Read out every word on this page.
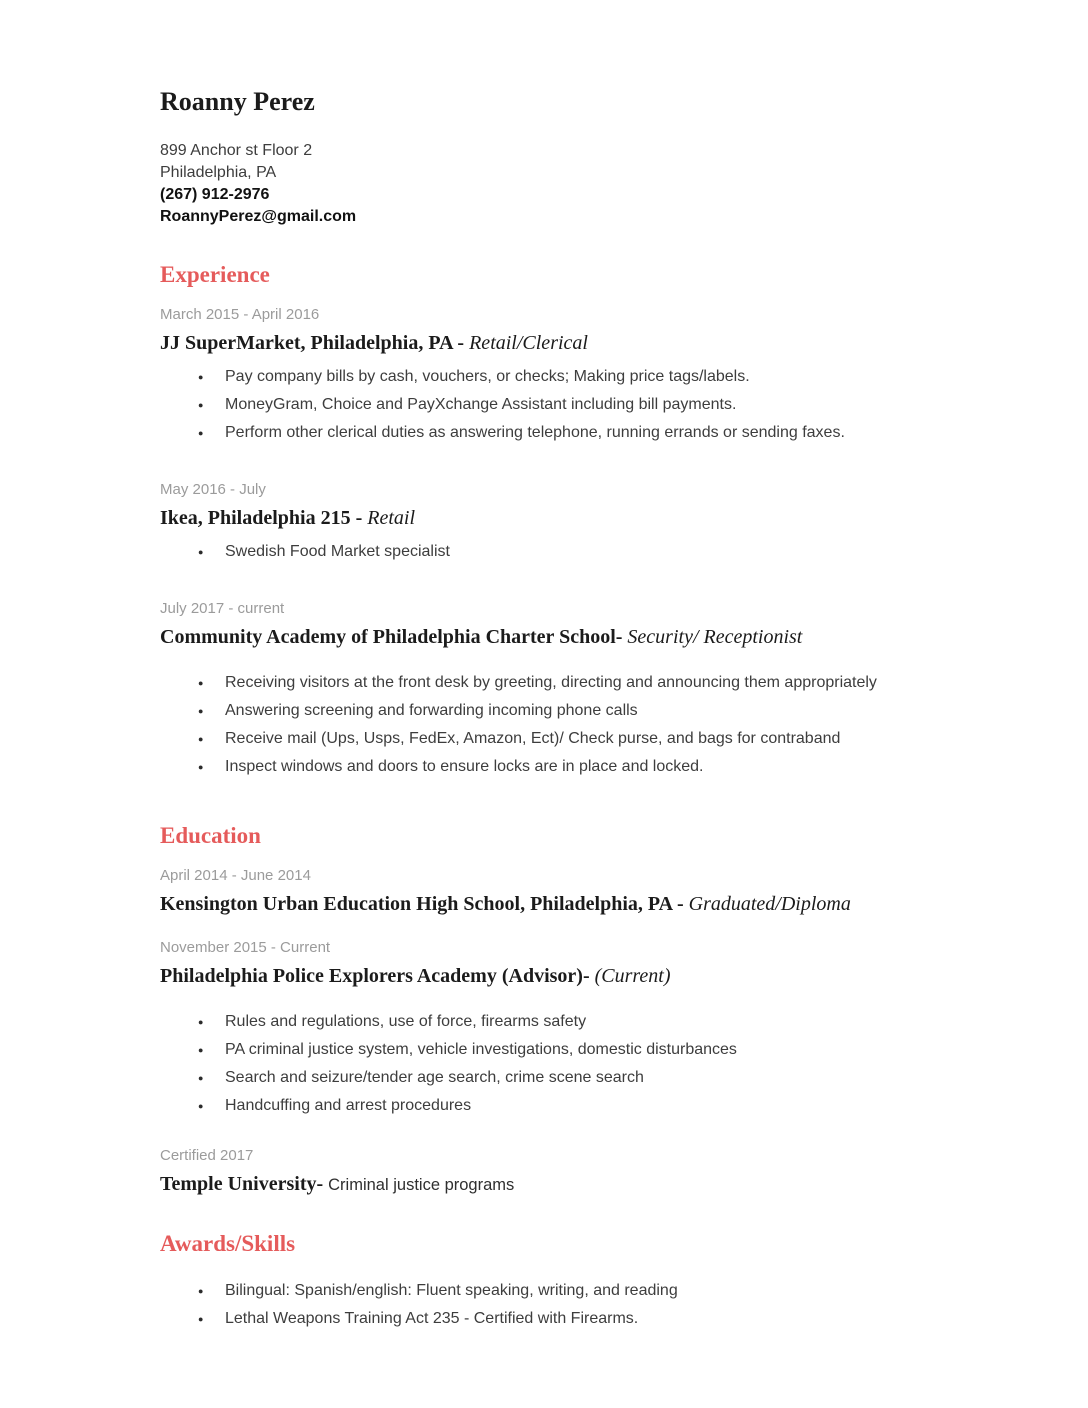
Roanny Perez

899 Anchor st Floor 2

Philadelphia, PA

(267) 912-2976

RoannyPerez@gmail.com

Experience

March 2015 - April 2016

JJ SuperMarket, Philadelphia, PA - Retail/Clerical
●	Pay company bills by cash, vouchers, or checks; Making price tags/labels.
●	MoneyGram, Choice and PayXchange Assistant including bill payments.
●	Perform other clerical duties as answering telephone, running errands or sending faxes.

May 2016 - July

Ikea, Philadelphia 215 - Retail
●	Swedish Food Market specialist

July 2017 - current

Community Academy of Philadelphia Charter School- Security/ Receptionist
●	Receiving visitors at the front desk by greeting, directing and announcing them appropriately
●	Answering screening and forwarding incoming phone calls
●	Receive mail (Ups, Usps, FedEx, Amazon, Ect)/ Check purse, and bags for contraband
●	Inspect windows and doors to ensure locks are in place and locked.
Education

April 2014 - June 2014

Kensington Urban Education High School, Philadelphia, PA - Graduated/Diploma

November 2015 - Current

Philadelphia Police Explorers Academy (Advisor)- (Current)
●	Rules and regulations, use of force, firearms safety
●	PA criminal justice system, vehicle investigations, domestic disturbances
●	Search and seizure/tender age search, crime scene search
●	Handcuffing and arrest procedures

Certified 2017

Temple University- Criminal justice programs
Awards/Skills
●	Bilingual: Spanish/english: Fluent speaking, writing, and reading
●	Lethal Weapons Training Act 235 - Certified with Firearms.
